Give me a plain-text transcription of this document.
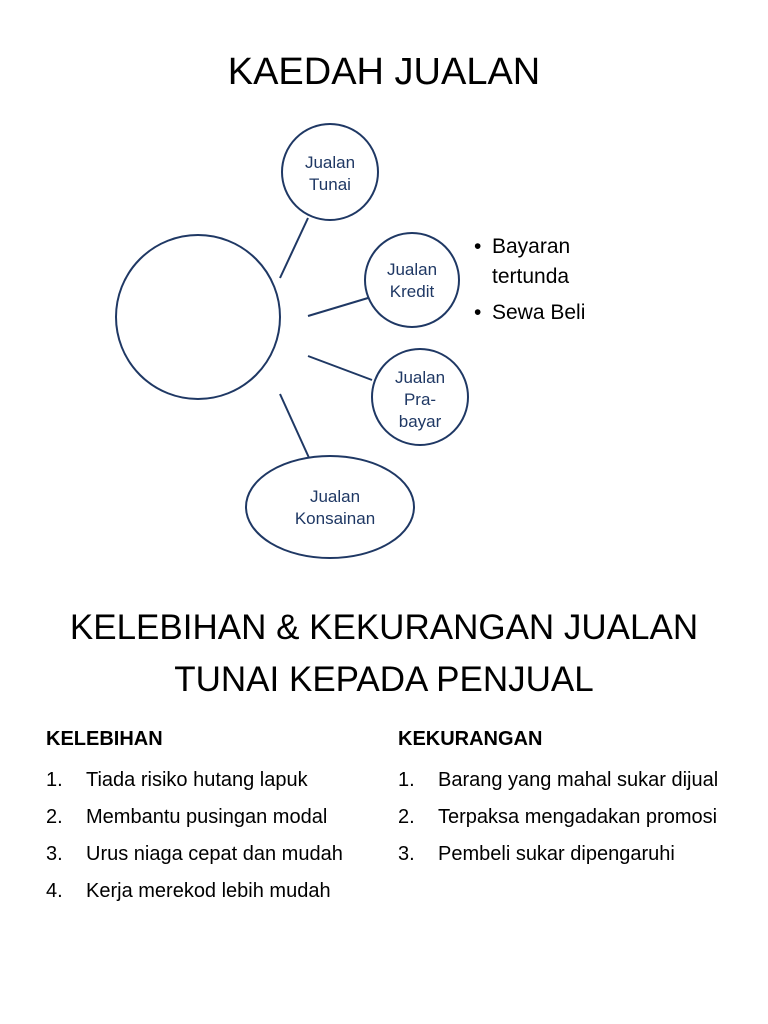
KAEDAH JUALAN
Jualan
Tunai
Jualan
Kredit
Jualan
Pra-
bayar
Jualan
Konsainan
• Bayaran tertunda
• Sewa Beli
KELEBIHAN & KEKURANGAN JUALAN
TUNAI KEPADA PENJUAL
KELEBIHAN
1. Tiada risiko hutang lapuk
2. Membantu pusingan modal
3. Urus niaga cepat dan mudah
4. Kerja merekod lebih mudah
KEKURANGAN
1. Barang yang mahal sukar dijual
2. Terpaksa mengadakan promosi
3. Pembeli sukar dipengaruhi
